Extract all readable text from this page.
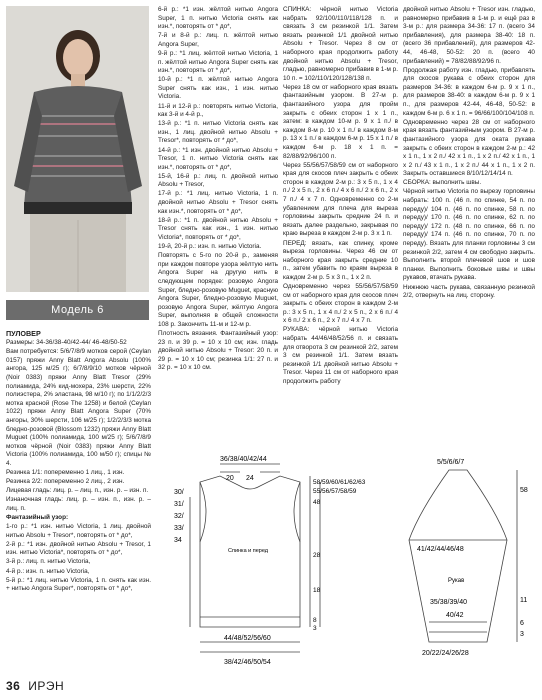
Модель 6

ПУЛОВЕР

Размеры: 34-36/38-40/42-44/ 46-48/50-52

Вам потребуется: 5/6/7/8/9 мотков серой (Ceylan 0157) пряжи Anny Blatt Angora Absolu (100% ангора, 125 м/25 г); 6/7/8/9/10 мотков чёрной (Noir 0383) пряжи Anny Blatt Tresor (29% полиамида, 24% кид-мохера, 23% шерсти, 22% полиэстера, 2% эластана, 98 м/10 г); по 1/1/2/2/3 мотка красной (Rose The 1258) и белой (Ceylan 1022) пряжи Anny Blatt Angora Super (70% ангоры, 30% шерсти, 106 м/25 г); 1/2/2/3/3 мотка бледно-розовой (Blossom 1232) пряжи Anny Blatt Muguet (100% полиамида, 100 м/25 г); 5/6/7/8/9 мотков чёрной (Noir 0383) пряжи Anny Blatt Victoria (100% полиамида, 100 м/50 г); спицы № 4.

Резинка 1/1: попеременно 1 лиц., 1 изн.

Резинка 2/2: попеременно 2 лиц., 2 изн.

Лицевая гладь: лиц. р. – лиц. п., изн. р. – изн. п.

Изнаночная гладь: лиц. р. – изн. п., изн. р. – лиц. п.

Фантазийный узор:

1-го р.: *1 изн. нитью Victoria, 1 лиц. двойной нитью Absolu + Tresor*, повторять от * до*,

2-й р.: *1 изн. двойной нитью Absolu + Tresor, 1 изн. нитью Victoria*, повторять от * до*,

3-й р.: лиц. п. нитью Victoria,

4-й р.: изн. п. нитью Victoria,

5-й р.: *1 лиц. нитью Victoria, 1 п. снять как изн. + нитью Angora Super*, повторять от * до*,

6-й р.: *1 изн. жёлтой нитью Angora Super, 1 п. нитью Victoria снять как изн.*, повторять от * до*,

7-й и 8-й р.: лиц. п. жёлтой нитью Angora Super,

9-й р.: *1 лиц. жёлтой нитью Victoria, 1 п. жёлтой нитью Angora Super снять как изн.*, повторять от * до*,

10-й р.: *1 п. жёлтой нитью Angora Super снять как изн., 1 изн. нитью Victoria.

11-й и 12-й р.: повторять нитью Victoria, как 3-й и 4-й р.,

13-й р.: *1 п. нитью Victoria снять как изн., 1 лиц. двойной нитью Absolu + Tresor*, повторять от * до*,

14-й р.: *1 изн. двойной нитью Absolu + Tresor, 1 п. нитью Victoria снять как изн.*, повторять от * до*,

15-й, 16-й р.: лиц. п. двойной нитью Absolu + Tresor,

17-й р.: *1 лиц. нитью Victoria, 1 п. двойной нитью Absolu + Tresor снять как изн.*, повторять от * до*,

18-й р.: *1 п. двойной нитью Absolu + Tresor снять как изн., 1 изн. нитью Victoria*, повторять от * до*,

19-й, 20-й р.: изн. п. нитью Victoria.

Повторять с 5-го по 20-й р., заменяя при каждом повторе узора жёлтую нить Angora Super на другую нить в следующем порядке: розовую Angora Super, бледно-розовую Muguet, красную Angora Super, бледно-розовую Muguet, розовую Angora Super, жёлтую Angora Super, выполняя в общей сложности 108 р. Закончить 11-м и 12-м р.

Плотность вязания. Фантазийный узор: 23 п. и 39 р. = 10 х 10 см; изн. гладь двойной нитью Absolu + Tresor: 20 п. и 29 р. = 10 х 10 см; резинка 1/1: 27 п. и 32 р. = 10 х 10 см.

СПИНКА: чёрной нитью Victoria набрать 92/100/110/118/128 п. и связать 3 см резинкой 1/1. Затем вязать резинкой 1/1 двойной нитью Absolu + Tresor. Через 8 см от наборного края продолжить работу двойной нитью Absolu + Tresor, гладью, равномерно прибавив в 1-м р. 10 п. = 102/110/120/128/138 п.

Через 18 см от наборного края вязать фантазийным узором. В 27-м р. фантазийного узора для пройм закрыть с обеих сторон 1 х 1 п., затем: в каждом 10-м р. 9 х 1 п./ в каждом 8-м р. 10 х 1 п./ в каждом 8-м р. 13 х 1 п./ в каждом 6-м р. 15 х 1 п./ в каждом 6-м р. 18 х 1 п. = 82/88/92/96/100 п.

Через 55/56/57/58/59 см от наборного края для скосов плеч закрыть с обеих сторон в каждом 2-м р.: 3 х 5 п., 1 х 4 п./ 2 х 5 п., 2 х 6 п./ 4 х 6 п./ 2 х 6 п., 2 х 7 п./ 4 х 7 п. Одновременно со 2-м убавлением для плеча для выреза горловины закрыть средние 24 п. и вязать далее раздельно, закрывая по краю выреза в каждом 2-м р. 3 х 1 п.

ПЕРЕД: вязать, как спинку, кроме выреза горловины. Через 46 см от наборного края закрыть средние 10 п., затем убавить по краям выреза в каждом 2-м р. 5 х 3 п., 1 х 2 п.

Одновременно через 55/56/57/58/59 см от наборного края для скосов плеч закрыть с обеих сторон в каждом 2-м р.: 3 х 5 п., 1 х 4 п./ 2 х 5 п., 2 х 6 п./ 4 х 6 п./ 2 х 6 п., 2 х 7 п./ 4 х 7 п.

РУКАВА: чёрной нитью Victoria набрать 44/46/48/52/56 п. и связать для отворота 3 см резинкой 2/2, затем 3 см резинкой 1/1. Затем вязать резинкой 1/1 двойной нитью Absolu + Tresor. Через 11 см от наборного края продолжить работу

двойной нитью Absolu + Tresor изн. гладью, равномерно прибавив в 1-м р. и ещё раз в 3-м р.: для размера 34-36: 17 п. (всего 34 прибавления), для размера 38-40: 18 п. (всего 36 прибавлений), для размеров 42-44, 46-48, 50-52: 20 п. (всего 40 прибавлений) = 78/82/88/92/96 п.

Продолжая работу изн. гладью, прибавлять для скосов рукава с обеих сторон для размеров 34-36: в каждом 6-м р. 9 х 1 п., для размеров 38-40: в каждом 6-м р. 9 х 1 п., для размеров 42-44, 46-48, 50-52: в каждом 6-м р. 6 х 1 п. = 96/66/100/104/108 п.

Одновременно через 28 см от наборного края вязать фантазийным узором. В 27-м р. фантазийного узора для оката рукава закрыть с обеих сторон в каждом 2-м р.: 42 х 1 п., 1 х 2 п./ 42 х 1 п., 1 х 2 п./ 42 х 1 п., 1 х 2 п./ 43 х 1 п., 1 х 2 п./ 44 х 1 п., 1 х 2 п. Закрыть оставшиеся 8/10/12/14/14 п.

СБОРКА: выполнить швы.

Чёрной нитью Victoria по вырезу горловины набрать: 100 п. (46 п. по спинке, 54 п. по переду)/ 104 п. (46 п. по спинке, 58 п. по переду)/ 170 п. (46 п. по спинке, 62 п. по переду)/ 172 п. (48 п. по спинке, 66 п. по переду)/ 174 п. (46 п. по спинке, 70 п. по переду). Вязать для планки горловины 3 см резинкой 2/2, затем 4 см свободно закрыть. Выполнить второй плечевой шов и шов планки. Выполнить боковые швы и швы рукавов, втачать рукава.

Нижнюю часть рукава, связанную резинкой 2/2, отвернуть на лиц. сторону.

36/38/40/42/44
20 24
58/59/60/61/62/63
55/56/57/58/59
48
28
18
30/
31/
32/
33/
34
Спинка и перед
44/48/52/56/60
38/42/46/50/54
8
3
5/5/6/6/7
41/42/44/46/48
58
11
6
3
Рукав
35/38/39/40
40/42
20/22/24/26/28
36 ИРЭН
